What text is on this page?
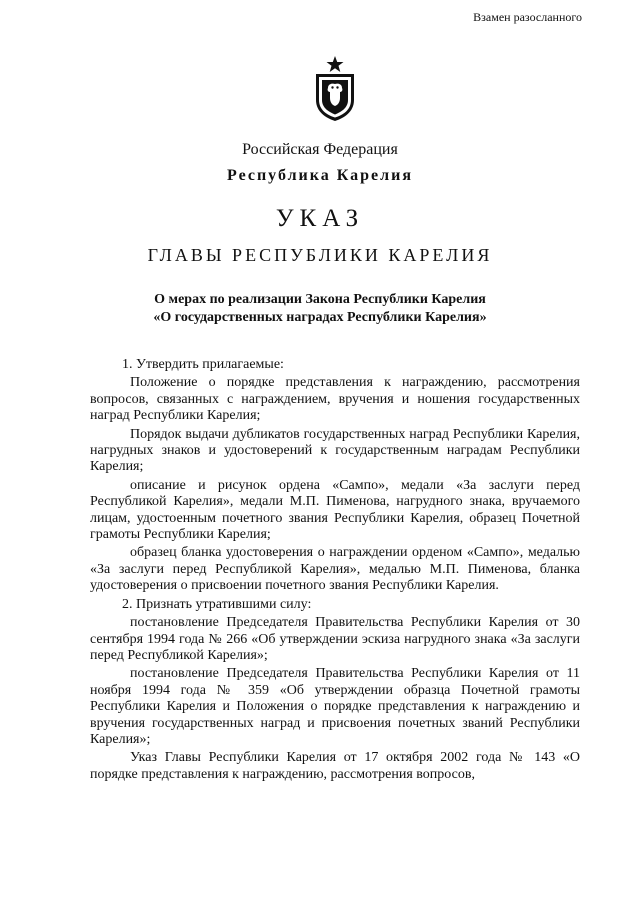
Взамен разосланного
Российская Федерация
Республика Карелия
УКАЗ
ГЛАВЫ РЕСПУБЛИКИ КАРЕЛИЯ
О мерах по реализации Закона Республики Карелия
«О государственных наградах Республики Карелия»

1. Утвердить прилагаемые:

Положение о порядке представления к награждению, рассмотрения вопросов, связанных с награждением, вручения и ношения государственных наград Республики Карелия;

Порядок выдачи дубликатов государственных наград Республики Карелия, нагрудных знаков и удостоверений к государственным наградам Республики Карелия;

описание и рисунок ордена «Сампо», медали «За заслуги перед Республикой Карелия», медали М.П. Пименова, нагрудного знака, вручаемого лицам, удостоенным почетного звания Республики Карелия, образец Почетной грамоты Республики Карелия;

образец бланка удостоверения о награждении орденом «Сампо», медалью «За заслуги перед Республикой Карелия», медалью М.П. Пименова, бланка удостоверения о присвоении почетного звания Республики Карелия.

2. Признать утратившими силу:

постановление Председателя Правительства Республики Карелия от 30 сентября 1994 года № 266 «Об утверждении эскиза нагрудного знака «За заслуги перед Республикой Карелия»;

постановление Председателя Правительства Республики Карелия от 11 ноября 1994 года № 359 «Об утверждении образца Почетной грамоты Республики Карелия и Положения о порядке представления к награждению и вручения государственных наград и присвоения почетных званий Республики Карелия»;

Указ Главы Республики Карелия от 17 октября 2002 года № 143 «О порядке представления к награждению, рассмотрения вопросов,
